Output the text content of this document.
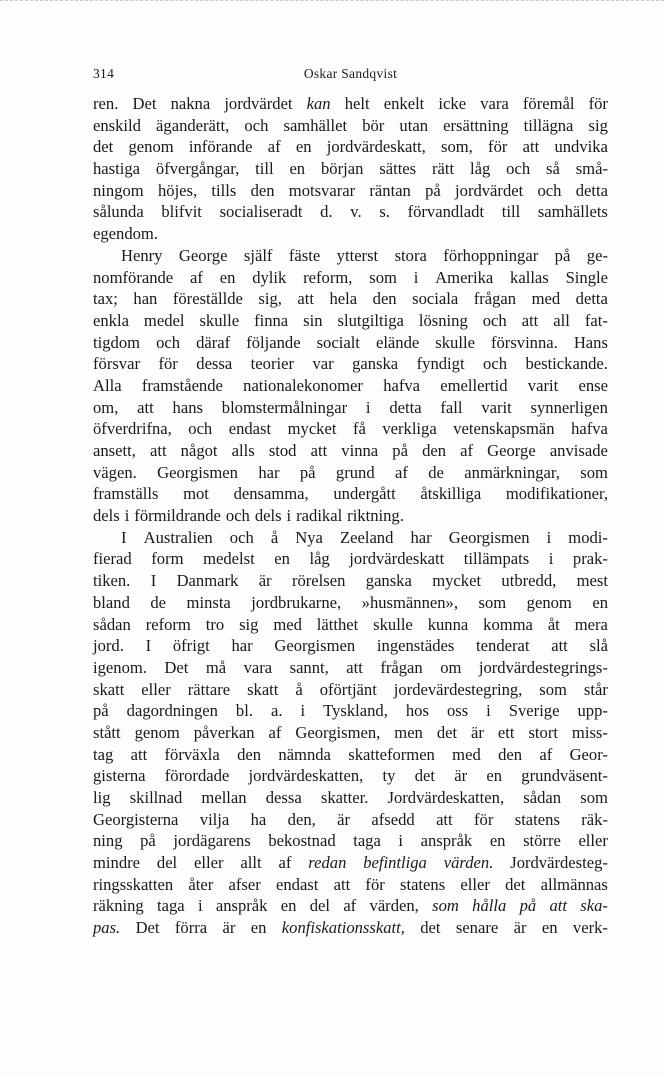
314	Oskar Sandqvist
ren. Det nakna jordvärdet kan helt enkelt icke vara föremål för
enskild äganderätt, och samhället bör utan ersättning tillägna sig
det genom införande af en jordvärdeskatt, som, för att undvika
hastiga öfvergångar, till en början sättes rätt låg och så små-
ningom höjes, tills den motsvarar räntan på jordvärdet och detta
sålunda blifvit socialiseradt d. v. s. förvandladt till samhällets
egendom.
Henry George själf fäste ytterst stora förhoppningar på ge-
nomförande af en dylik reform, som i Amerika kallas Single
tax; han föreställde sig, att hela den sociala frågan med detta
enkla medel skulle finna sin slutgiltiga lösning och att all fat-
tigdom och däraf följande socialt elände skulle försvinna. Hans
försvar för dessa teorier var ganska fyndigt och bestickande.
Alla framstående nationalekonomer hafva emellertid varit ense
om, att hans blomstermålningar i detta fall varit synnerligen
öfverdrifna, och endast mycket få verkliga vetenskapsmän hafva
ansett, att något alls stod att vinna på den af George anvisade
vägen. Georgismen har på grund af de anmärkningar, som
framställs mot densamma, undergått åtskilliga modifikationer,
dels i förmildrande och dels i radikal riktning.
I Australien och å Nya Zeeland har Georgismen i modi-
fierad form medelst en låg jordvärdeskatt tillämpats i prak-
tiken. I Danmark är rörelsen ganska mycket utbredd, mest
bland de minsta jordbrukarne, »husmännen», som genom en
sådan reform tro sig med lätthet skulle kunna komma åt mera
jord. I öfrigt har Georgismen ingenstädes tenderat att slå
igenom. Det må vara sannt, att frågan om jordvärdestegrings-
skatt eller rättare skatt å oförtjänt jordevärdestegring, som står
på dagordningen bl. a. i Tyskland, hos oss i Sverige upp-
stått genom påverkan af Georgismen, men det är ett stort miss-
tag att förväxla den nämnda skatteformen med den af Geor-
gisterna förordade jordvärdeskatten, ty det är en grundväsent-
lig skillnad mellan dessa skatter. Jordvärdeskatten, sådan som
Georgisterna vilja ha den, är afsedd att för statens räk-
ning på jordägarens bekostnad taga i anspråk en större eller
mindre del eller allt af redan befintliga värden. Jordvärdesteg-
ringsskatten åter afser endast att för statens eller det allmännas
räkning taga i anspråk en del af värden, som hålla på att ska-
pas. Det förra är en konfiskationsskatt, det senare är en verk-
